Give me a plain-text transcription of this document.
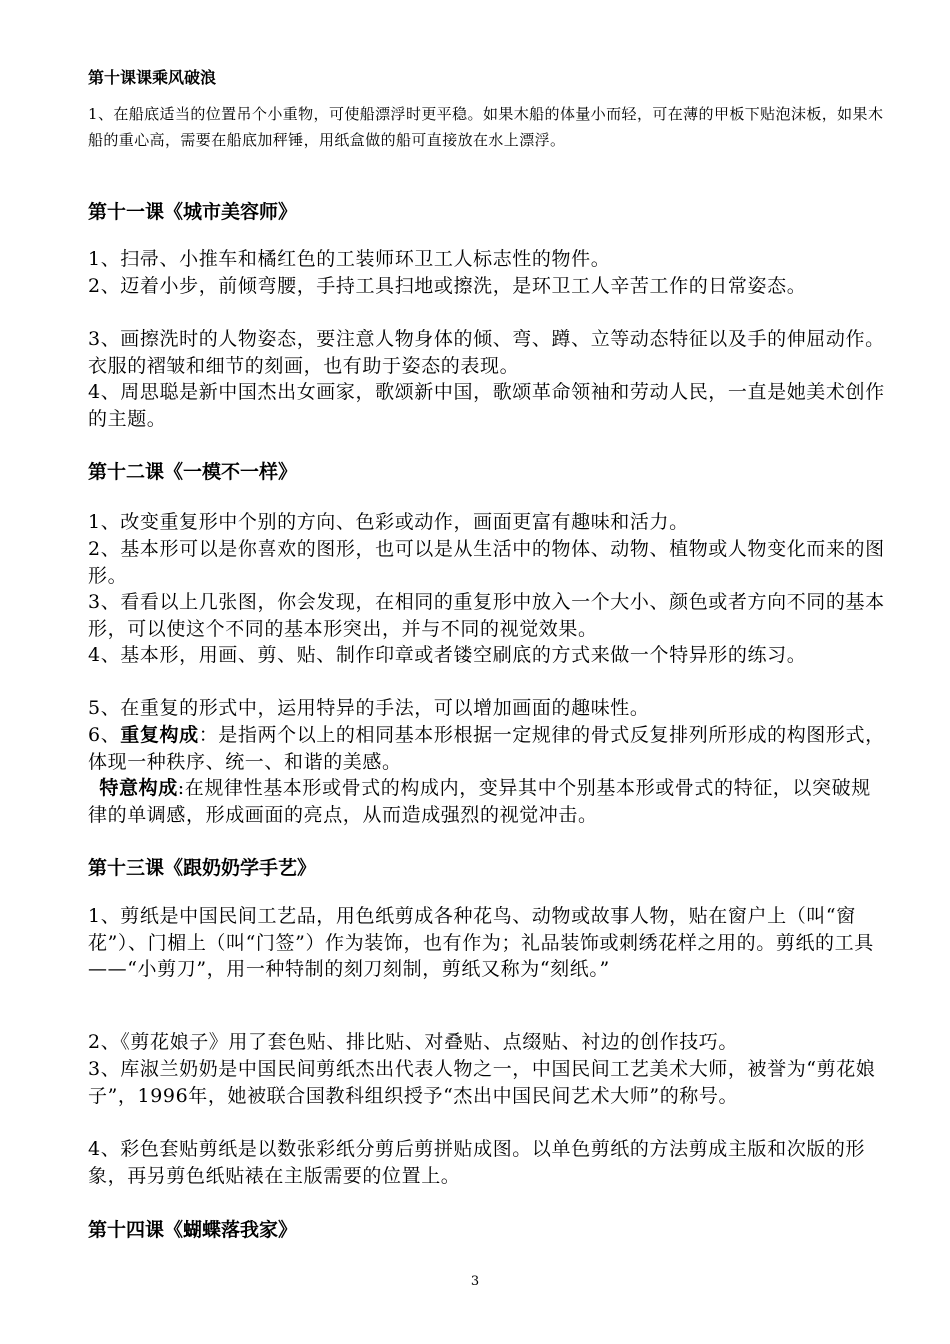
第十课课乘风破浪

1、在船底适当的位置吊个小重物，可使船漂浮时更平稳。如果木船的体量小而轻，可在薄的甲板下贴泡沫板，如果木船的重心高，需要在船底加秤锤，用纸盒做的船可直接放在水上漂浮。

第十一课《城市美容师》

1、扫帚、小推车和橘红色的工装师环卫工人标志性的物件。

2、迈着小步，前倾弯腰，手持工具扫地或擦洗，是环卫工人辛苦工作的日常姿态。

3、画擦洗时的人物姿态，要注意人物身体的倾、弯、蹲、立等动态特征以及手的伸屈动作。衣服的褶皱和细节的刻画，也有助于姿态的表现。

4、周思聪是新中国杰出女画家，歌颂新中国，歌颂革命领袖和劳动人民，一直是她美术创作的主题。

第十二课《一模不一样》

1、改变重复形中个别的方向、色彩或动作，画面更富有趣味和活力。

2、基本形可以是你喜欢的图形，也可以是从生活中的物体、动物、植物或人物变化而来的图形。

3、看看以上几张图，你会发现，在相同的重复形中放入一个大小、颜色或者方向不同的基本形，可以使这个不同的基本形突出，并与不同的视觉效果。

4、基本形，用画、剪、贴、制作印章或者镂空刷底的方式来做一个特异形的练习。

5、在重复的形式中，运用特异的手法，可以增加画面的趣味性。

6、重复构成：是指两个以上的相同基本形根据一定规律的骨式反复排列所形成的构图形式，体现一种秩序、统一、和谐的美感。

特意构成:在规律性基本形或骨式的构成内，变异其中个别基本形或骨式的特征，以突破规律的单调感，形成画面的亮点，从而造成强烈的视觉冲击。

第十三课《跟奶奶学手艺》

1、剪纸是中国民间工艺品，用色纸剪成各种花鸟、动物或故事人物，贴在窗户上（叫“窗花”）、门楣上（叫“门签”）作为装饰，也有作为；礼品装饰或刺绣花样之用的。剪纸的工具——“小剪刀”，用一种特制的刻刀刻制，剪纸又称为“刻纸。”

2、《剪花娘子》用了套色贴、排比贴、对叠贴、点缀贴、衬边的创作技巧。

3、库淑兰奶奶是中国民间剪纸杰出代表人物之一，中国民间工艺美术大师，被誉为“剪花娘子”，1996年，她被联合国教科组织授予“杰出中国民间艺术大师”的称号。

4、彩色套贴剪纸是以数张彩纸分剪后剪拼贴成图。以单色剪纸的方法剪成主版和次版的形象，再另剪色纸贴裱在主版需要的位置上。

第十四课《蝴蝶落我家》
3
